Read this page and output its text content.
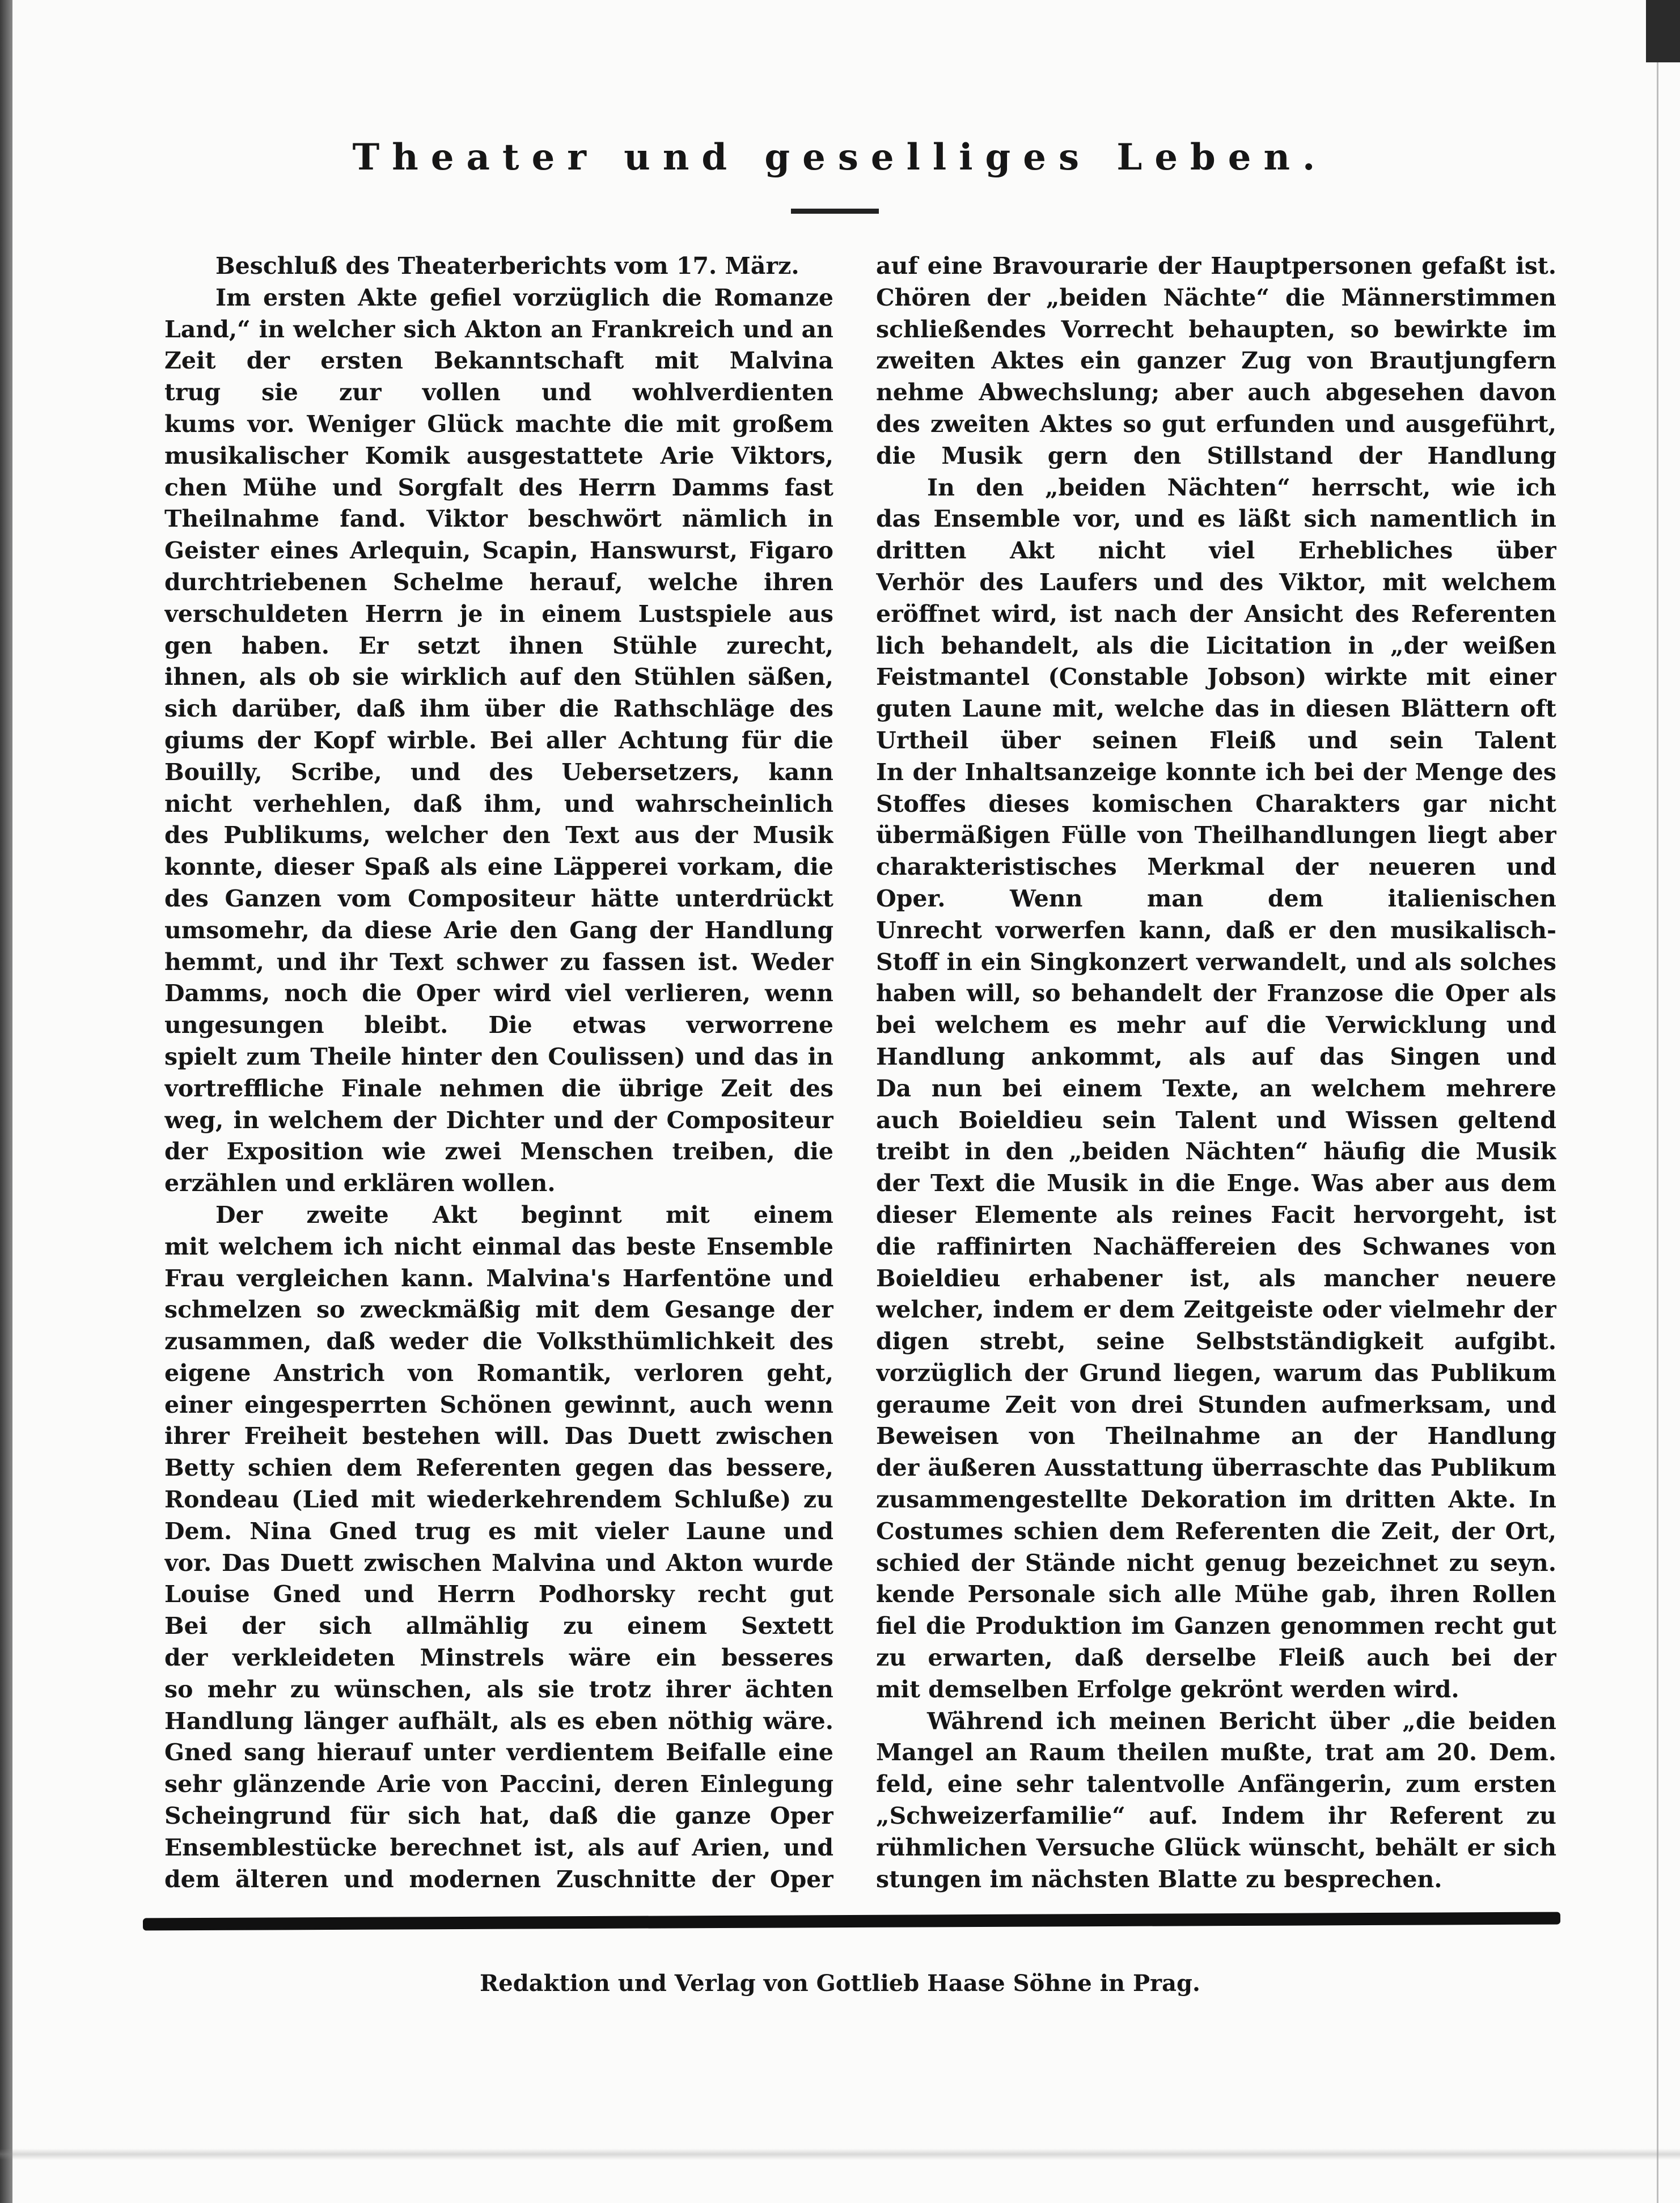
Theater und geselliges Leben.
Beschluß des Theaterberichts vom 17. März.
Im ersten Akte gefiel vorzüglich die Romanze
Land,“ in welcher sich Akton an Frankreich und an
Zeit der ersten Bekanntschaft mit Malvina
trug sie zur vollen und wohlverdienten
kums vor. Weniger Glück machte die mit großem
musikalischer Komik ausgestattete Arie Viktors,
chen Mühe und Sorgfalt des Herrn Damms fast
Theilnahme fand. Viktor beschwört nämlich in
Geister eines Arlequin, Scapin, Hanswurst, Figaro
durchtriebenen Schelme herauf, welche ihren
verschuldeten Herrn je in einem Lustspiele aus
gen haben. Er setzt ihnen Stühle zurecht,
ihnen, als ob sie wirklich auf den Stühlen säßen,
sich darüber, daß ihm über die Rathschläge des
giums der Kopf wirble. Bei aller Achtung für die
Bouilly, Scribe, und des Uebersetzers, kann
nicht verhehlen, daß ihm, und wahrscheinlich
des Publikums, welcher den Text aus der Musik
konnte, dieser Spaß als eine Läpperei vorkam, die
des Ganzen vom Compositeur hätte unterdrückt
umsomehr, da diese Arie den Gang der Handlung
hemmt, und ihr Text schwer zu fassen ist. Weder
Damms, noch die Oper wird viel verlieren, wenn
ungesungen bleibt. Die etwas verworrene
spielt zum Theile hinter den Coulissen) und das in
vortreffliche Finale nehmen die übrige Zeit des
weg, in welchem der Dichter und der Compositeur
der Exposition wie zwei Menschen treiben, die
erzählen und erklären wollen.
Der zweite Akt beginnt mit einem
mit welchem ich nicht einmal das beste Ensemble
Frau vergleichen kann. Malvina's Harfentöne und
schmelzen so zweckmäßig mit dem Gesange der
zusammen, daß weder die Volksthümlichkeit des
eigene Anstrich von Romantik, verloren geht,
einer eingesperrten Schönen gewinnt, auch wenn
ihrer Freiheit bestehen will. Das Duett zwischen
Betty schien dem Referenten gegen das bessere,
Rondeau (Lied mit wiederkehrendem Schluße) zu
Dem. Nina Gned trug es mit vieler Laune und
vor. Das Duett zwischen Malvina und Akton wurde
Louise Gned und Herrn Podhorsky recht gut
Bei der sich allmählig zu einem Sextett
der verkleideten Minstrels wäre ein besseres
so mehr zu wünschen, als sie trotz ihrer ächten
Handlung länger aufhält, als es eben nöthig wäre.
Gned sang hierauf unter verdientem Beifalle eine
sehr glänzende Arie von Paccini, deren Einlegung
Scheingrund für sich hat, daß die ganze Oper
Ensemblestücke berechnet ist, als auf Arien, und
dem älteren und modernen Zuschnitte der Oper
auf eine Bravourarie der Hauptpersonen gefaßt ist.
Chören der „beiden Nächte“ die Männerstimmen
schließendes Vorrecht behaupten, so bewirkte im
zweiten Aktes ein ganzer Zug von Brautjungfern
nehme Abwechslung; aber auch abgesehen davon
des zweiten Aktes so gut erfunden und ausgeführt,
die Musik gern den Stillstand der Handlung
In den „beiden Nächten“ herrscht, wie ich
das Ensemble vor, und es läßt sich namentlich in
dritten Akt nicht viel Erhebliches über
Verhör des Laufers und des Viktor, mit welchem
eröffnet wird, ist nach der Ansicht des Referenten
lich behandelt, als die Licitation in „der weißen
Feistmantel (Constable Jobson) wirkte mit einer
guten Laune mit, welche das in diesen Blättern oft
Urtheil über seinen Fleiß und sein Talent
In der Inhaltsanzeige konnte ich bei der Menge des
Stoffes dieses komischen Charakters gar nicht
übermäßigen Fülle von Theilhandlungen liegt aber
charakteristisches Merkmal der neueren und
Oper. Wenn man dem italienischen
Unrecht vorwerfen kann, daß er den musikalisch-
Stoff in ein Singkonzert verwandelt, und als solches
haben will, so behandelt der Franzose die Oper als
bei welchem es mehr auf die Verwicklung und
Handlung ankommt, als auf das Singen und
Da nun bei einem Texte, an welchem mehrere
auch Boieldieu sein Talent und Wissen geltend
treibt in den „beiden Nächten“ häufig die Musik
der Text die Musik in die Enge. Was aber aus dem
dieser Elemente als reines Facit hervorgeht, ist
die raffinirten Nachäffereien des Schwanes von
Boieldieu erhabener ist, als mancher neuere
welcher, indem er dem Zeitgeiste oder vielmehr der
digen strebt, seine Selbstständigkeit aufgibt.
vorzüglich der Grund liegen, warum das Publikum
geraume Zeit von drei Stunden aufmerksam, und
Beweisen von Theilnahme an der Handlung
der äußeren Ausstattung überraschte das Publikum
zusammengestellte Dekoration im dritten Akte. In
Costumes schien dem Referenten die Zeit, der Ort,
schied der Stände nicht genug bezeichnet zu seyn.
kende Personale sich alle Mühe gab, ihren Rollen
fiel die Produktion im Ganzen genommen recht gut
zu erwarten, daß derselbe Fleiß auch bei der
mit demselben Erfolge gekrönt werden wird.
Während ich meinen Bericht über „die beiden
Mangel an Raum theilen mußte, trat am 20. Dem.
feld, eine sehr talentvolle Anfängerin, zum ersten
„Schweizerfamilie“ auf. Indem ihr Referent zu
rühmlichen Versuche Glück wünscht, behält er sich
stungen im nächsten Blatte zu besprechen.
Redaktion und Verlag von Gottlieb Haase Söhne in Prag.
